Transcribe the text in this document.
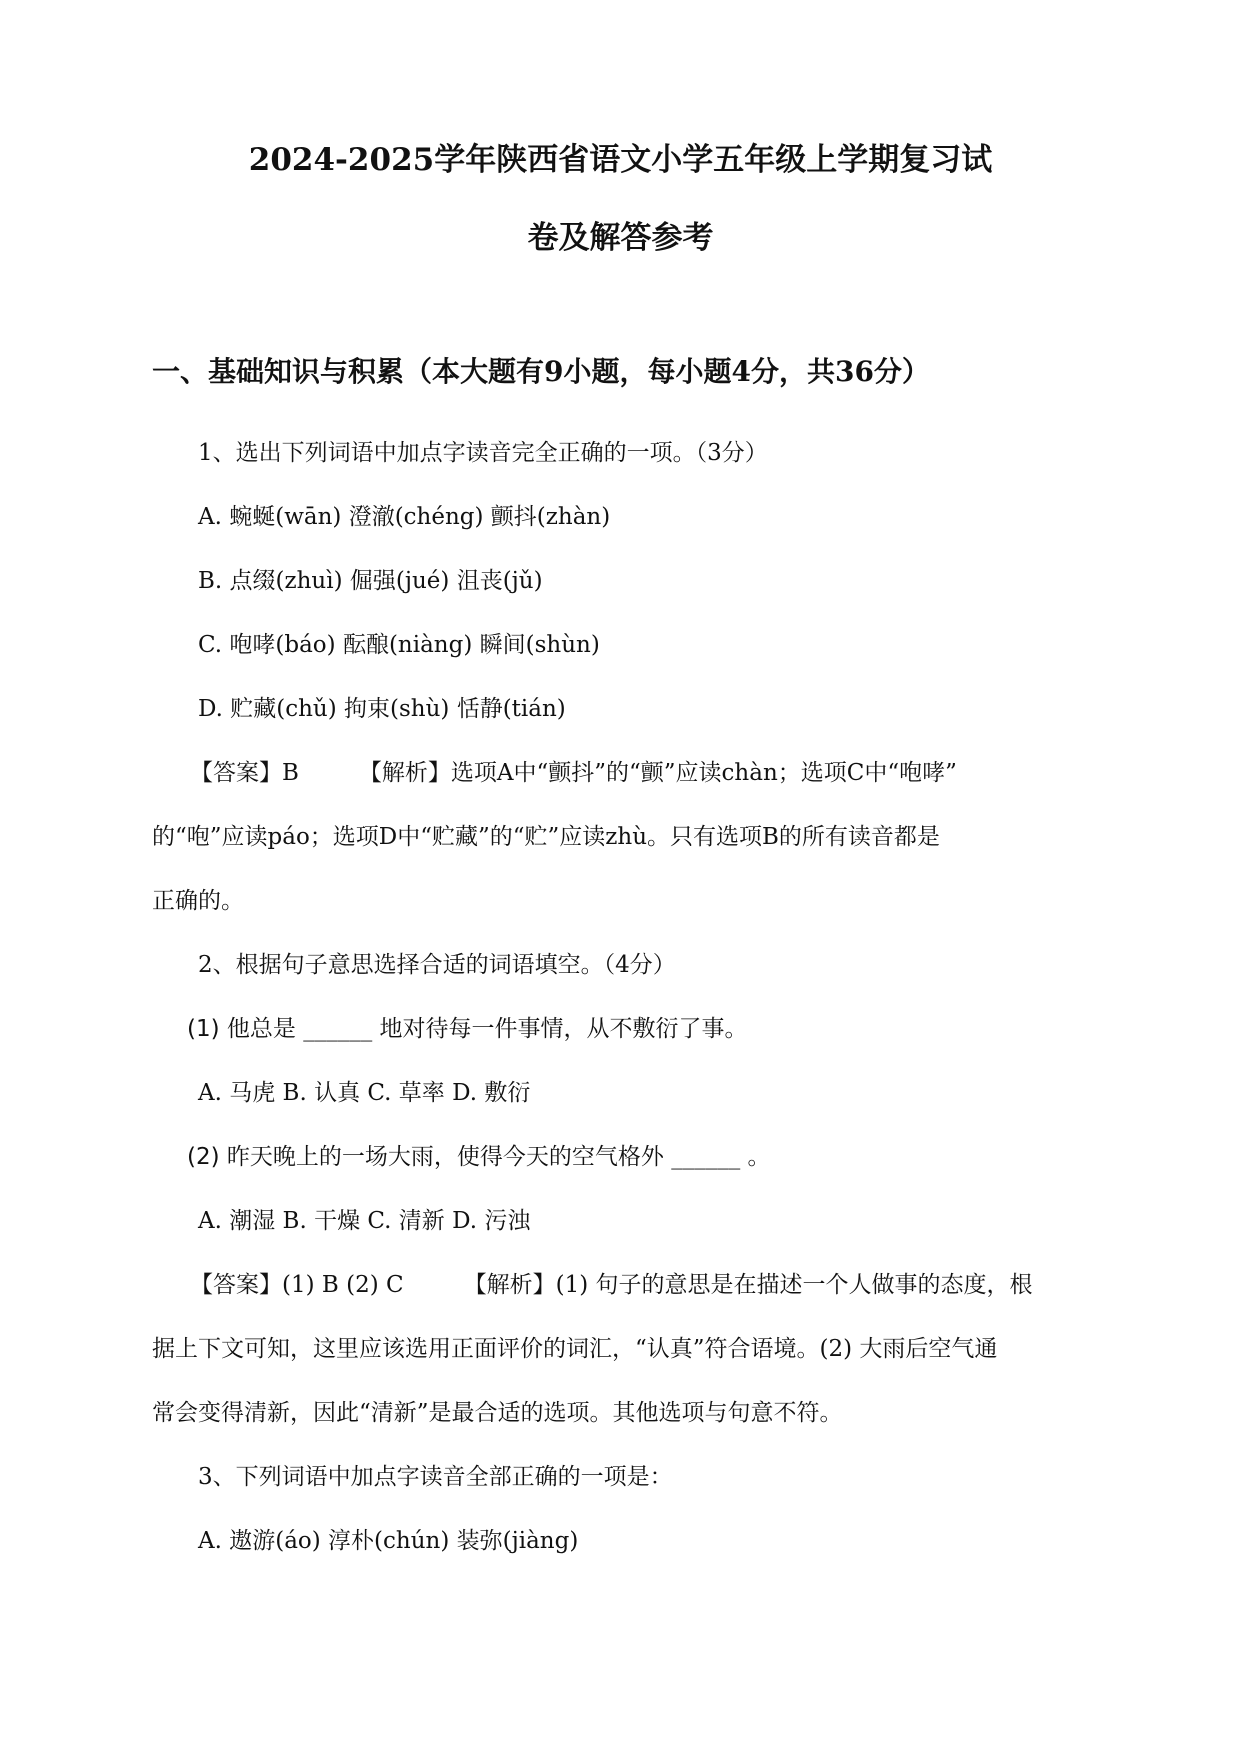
2024-2025学年陕西省语文小学五年级上学期复习试
卷及解答参考
一、基础知识与积累（本大题有9小题，每小题4分，共36分）
1、选出下列词语中加点字读音完全正确的一项。（3分）
A. 蜿蜒(wān) 澄澈(chéng) 颤抖(zhàn)
B. 点缀(zhuì) 倔强(jué) 沮丧(jǔ)
C. 咆哮(báo) 酝酿(niàng) 瞬间(shùn)
D. 贮藏(chǔ) 拘束(shù) 恬静(tián)
【答案】B	【解析】选项A中“颤抖”的“颤”应读chàn；选项C中“咆哮”
的“咆”应读páo；选项D中“贮藏”的“贮”应读zhù。只有选项B的所有读音都是
正确的。
2、根据句子意思选择合适的词语填空。（4分）
(1) 他总是 ______ 地对待每一件事情，从不敷衍了事。
A. 马虎 B. 认真 C. 草率 D. 敷衍
(2) 昨天晚上的一场大雨，使得今天的空气格外 ______ 。
A. 潮湿 B. 干燥 C. 清新 D. 污浊
【答案】(1) B (2) C	【解析】(1) 句子的意思是在描述一个人做事的态度，根
据上下文可知，这里应该选用正面评价的词汇，“认真”符合语境。(2) 大雨后空气通
常会变得清新，因此“清新”是最合适的选项。其他选项与句意不符。
3、下列词语中加点字读音全部正确的一项是：
A. 遨游(áo) 淳朴(chún) 装弥(jiàng)
